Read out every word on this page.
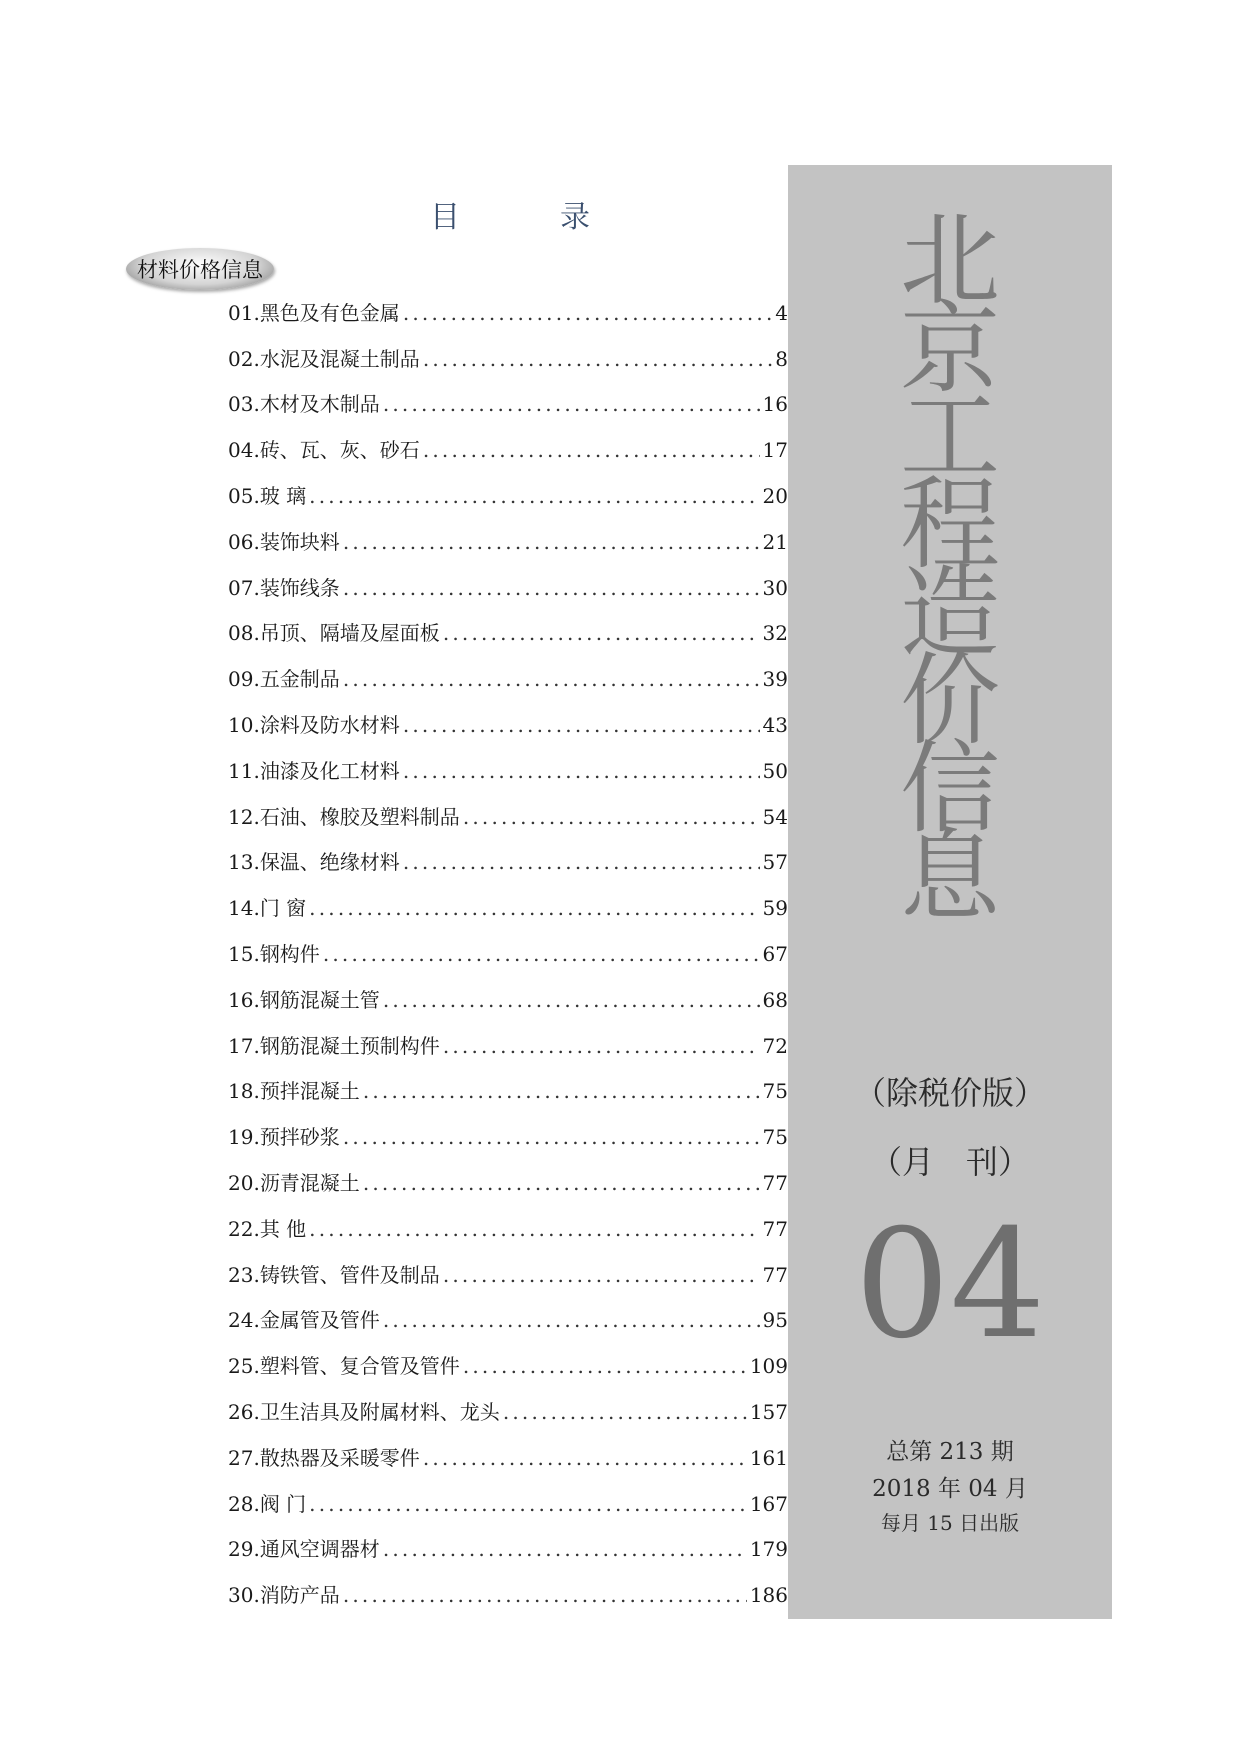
目	录
材料价格信息
01. 黑色及有色金属 .....	4
02. 水泥及混凝土制品 .....	8
03. 木材及木制品 .....	16
04. 砖、瓦、灰、砂石 .....	17
05. 玻 璃 .....	20
06. 装饰块料 .....	21
07. 装饰线条 .....	30
08. 吊顶、隔墙及屋面板 .....	32
09. 五金制品 .....	39
10. 涂料及防水材料 .....	43
11. 油漆及化工材料 .....	50
12. 石油、橡胶及塑料制品 .....	54
13. 保温、绝缘材料 .....	57
14. 门 窗 .....	59
15. 钢构件 .....	67
16. 钢筋混凝土管 .....	68
17. 钢筋混凝土预制构件 .....	72
18. 预拌混凝土 .....	75
19. 预拌砂浆 .....	75
20. 沥青混凝土 .....	77
22. 其 他 .....	77
23. 铸铁管、管件及制品 .....	77
24. 金属管及管件 .....	95
25. 塑料管、复合管及管件 .....	109
26. 卫生洁具及附属材料、龙头 .....	157
27. 散热器及采暖零件 .....	161
28. 阀 门 .....	167
29. 通风空调器材 .....	179
30. 消防产品 .....	186
北
京
工
程
造
价
信
息
（除税价版）
（月　刊）
04
总第 213 期
2018 年 04 月
每月 15 日出版
